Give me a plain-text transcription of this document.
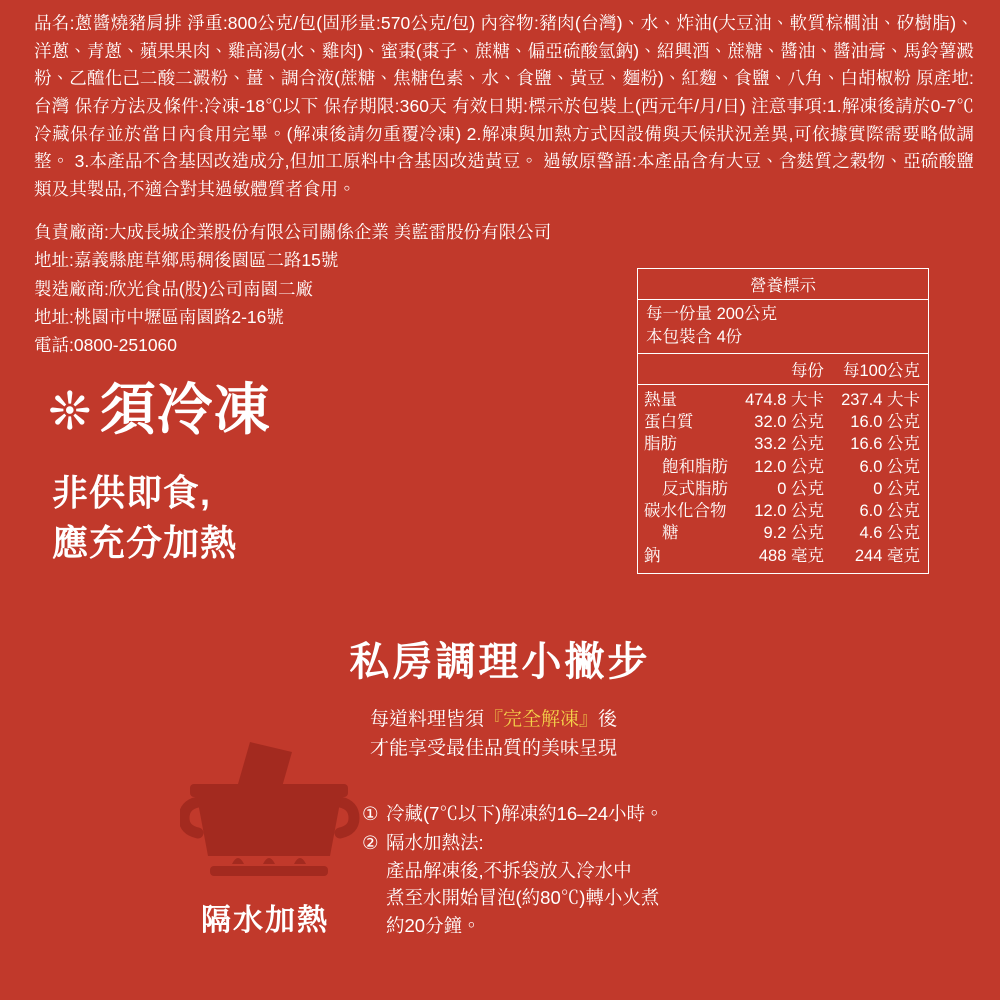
品名:蔥醬燒豬肩排 淨重:800公克/包(固形量:570公克/包) 內容物:豬肉(台灣)、水、炸油(大豆油、軟質棕櫚油、矽樹脂)、洋蔥、青蔥、蘋果果肉、雞高湯(水、雞肉)、蜜棗(棗子、蔗糖、偏亞硫酸氫鈉)、紹興酒、蔗糖、醬油、醬油膏、馬鈴薯澱粉、乙醯化己二酸二澱粉、薑、調合液(蔗糖、焦糖色素、水、食鹽、黃豆、麵粉)、紅麴、食鹽、八角、白胡椒粉 原產地:台灣 保存方法及條件:冷凍-18℃以下 保存期限:360天 有效日期:標示於包裝上(西元年/月/日) 注意事項:1.解凍後請於0-7℃冷藏保存並於當日內食用完畢。(解凍後請勿重覆冷凍) 2.解凍與加熱方式因設備與天候狀況差異,可依據實際需要略做調整。 3.本產品不含基因改造成分,但加工原料中含基因改造黃豆。 過敏原警語:本產品含有大豆、含麩質之穀物、亞硫酸鹽類及其製品,不適合對其過敏體質者食用。

負責廠商:大成長城企業股份有限公司關係企業 美藍雷股份有限公司

地址:嘉義縣鹿草鄉馬稠後園區二路15號

製造廠商:欣光食品(股)公司南園二廠

地址:桃園市中壢區南園路2-16號

電話:0800-251060

❊ 須冷凍
非供即食,
應充分加熱
營養標示
每一份量 200公克
本包裝含 4份
每份	每100公克
熱量	474.8 大卡	237.4 大卡
蛋白質	32.0 公克	16.0 公克
脂肪	33.2 公克	16.6 公克
飽和脂肪	12.0 公克	6.0 公克
反式脂肪	0 公克	0 公克
碳水化合物	12.0 公克	6.0 公克
糖	9.2 公克	4.6 公克
鈉	488 毫克	244 毫克
私房調理小撇步
每道料理皆須『完全解凍』後
才能享受最佳品質的美味呈現
隔水加熱
① 冷藏(7℃以下)解凍約16–24小時。

② 隔水加熱法:

產品解凍後,不拆袋放入冷水中

煮至水開始冒泡(約80℃)轉小火煮

約20分鐘。
